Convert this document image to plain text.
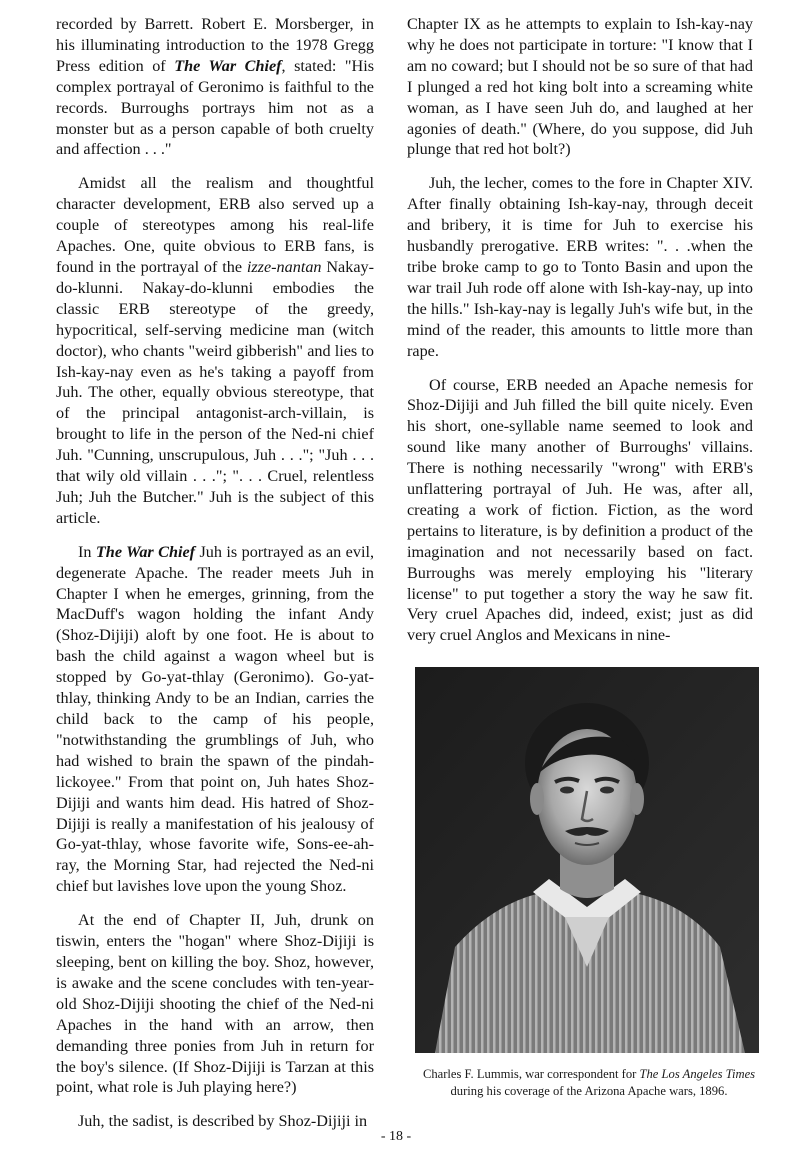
recorded by Barrett. Robert E. Morsberger, in his illuminating introduction to the 1978 Gregg Press edition of The War Chief, stated: "His complex portrayal of Geronimo is faithful to the records. Burroughs portrays him not as a monster but as a person capable of both cruelty and affection . . ."

Amidst all the realism and thoughtful character development, ERB also served up a couple of stereotypes among his real-life Apaches. One, quite obvious to ERB fans, is found in the portrayal of the izze-nantan Nakay-do-klunni. Nakay-do-klunni embodies the classic ERB stereotype of the greedy, hypocritical, self-serving medicine man (witch doctor), who chants "weird gibberish" and lies to Ish-kay-nay even as he's taking a payoff from Juh. The other, equally obvious stereotype, that of the principal antagonist-arch-villain, is brought to life in the person of the Ned-ni chief Juh. "Cunning, unscrupulous, Juh . . ."; "Juh . . . that wily old villain . . ."; ". . . Cruel, relentless Juh; Juh the Butcher." Juh is the subject of this article.

In The War Chief Juh is portrayed as an evil, degenerate Apache. The reader meets Juh in Chapter I when he emerges, grinning, from the MacDuff's wagon holding the infant Andy (Shoz-Dijiji) aloft by one foot. He is about to bash the child against a wagon wheel but is stopped by Go-yat-thlay (Geronimo). Go-yat-thlay, thinking Andy to be an Indian, carries the child back to the camp of his people, "notwithstanding the grumblings of Juh, who had wished to brain the spawn of the pindah-lickoyee." From that point on, Juh hates Shoz-Dijiji and wants him dead. His hatred of Shoz-Dijiji is really a manifestation of his jealousy of Go-yat-thlay, whose favorite wife, Sons-ee-ah-ray, the Morning Star, had rejected the Ned-ni chief but lavishes love upon the young Shoz.

At the end of Chapter II, Juh, drunk on tiswin, enters the "hogan" where Shoz-Dijiji is sleeping, bent on killing the boy. Shoz, however, is awake and the scene concludes with ten-year-old Shoz-Dijiji shooting the chief of the Ned-ni Apaches in the hand with an arrow, then demanding three ponies from Juh in return for the boy's silence. (If Shoz-Dijiji is Tarzan at this point, what role is Juh playing here?)

Juh, the sadist, is described by Shoz-Dijiji in

Chapter IX as he attempts to explain to Ish-kay-nay why he does not participate in torture: "I know that I am no coward; but I should not be so sure of that had I plunged a red hot king bolt into a screaming white woman, as I have seen Juh do, and laughed at her agonies of death." (Where, do you suppose, did Juh plunge that red hot bolt?)

Juh, the lecher, comes to the fore in Chapter XIV. After finally obtaining Ish-kay-nay, through deceit and bribery, it is time for Juh to exercise his husbandly prerogative. ERB writes: ". . .when the tribe broke camp to go to Tonto Basin and upon the war trail Juh rode off alone with Ish-kay-nay, up into the hills." Ish-kay-nay is legally Juh's wife but, in the mind of the reader, this amounts to little more than rape.

Of course, ERB needed an Apache nemesis for Shoz-Dijiji and Juh filled the bill quite nicely. Even his short, one-syllable name seemed to look and sound like many another of Burroughs' villains. There is nothing necessarily "wrong" with ERB's unflattering portrayal of Juh. He was, after all, creating a work of fiction. Fiction, as the word pertains to literature, is by definition a product of the imagination and not necessarily based on fact. Burroughs was merely employing his "literary license" to put together a story the way he saw fit. Very cruel Apaches did, indeed, exist; just as did very cruel Anglos and Mexicans in nine-

Charles F. Lummis, war correspondent for The Los Angeles Times during his coverage of the Arizona Apache wars, 1896.
- 18 -
